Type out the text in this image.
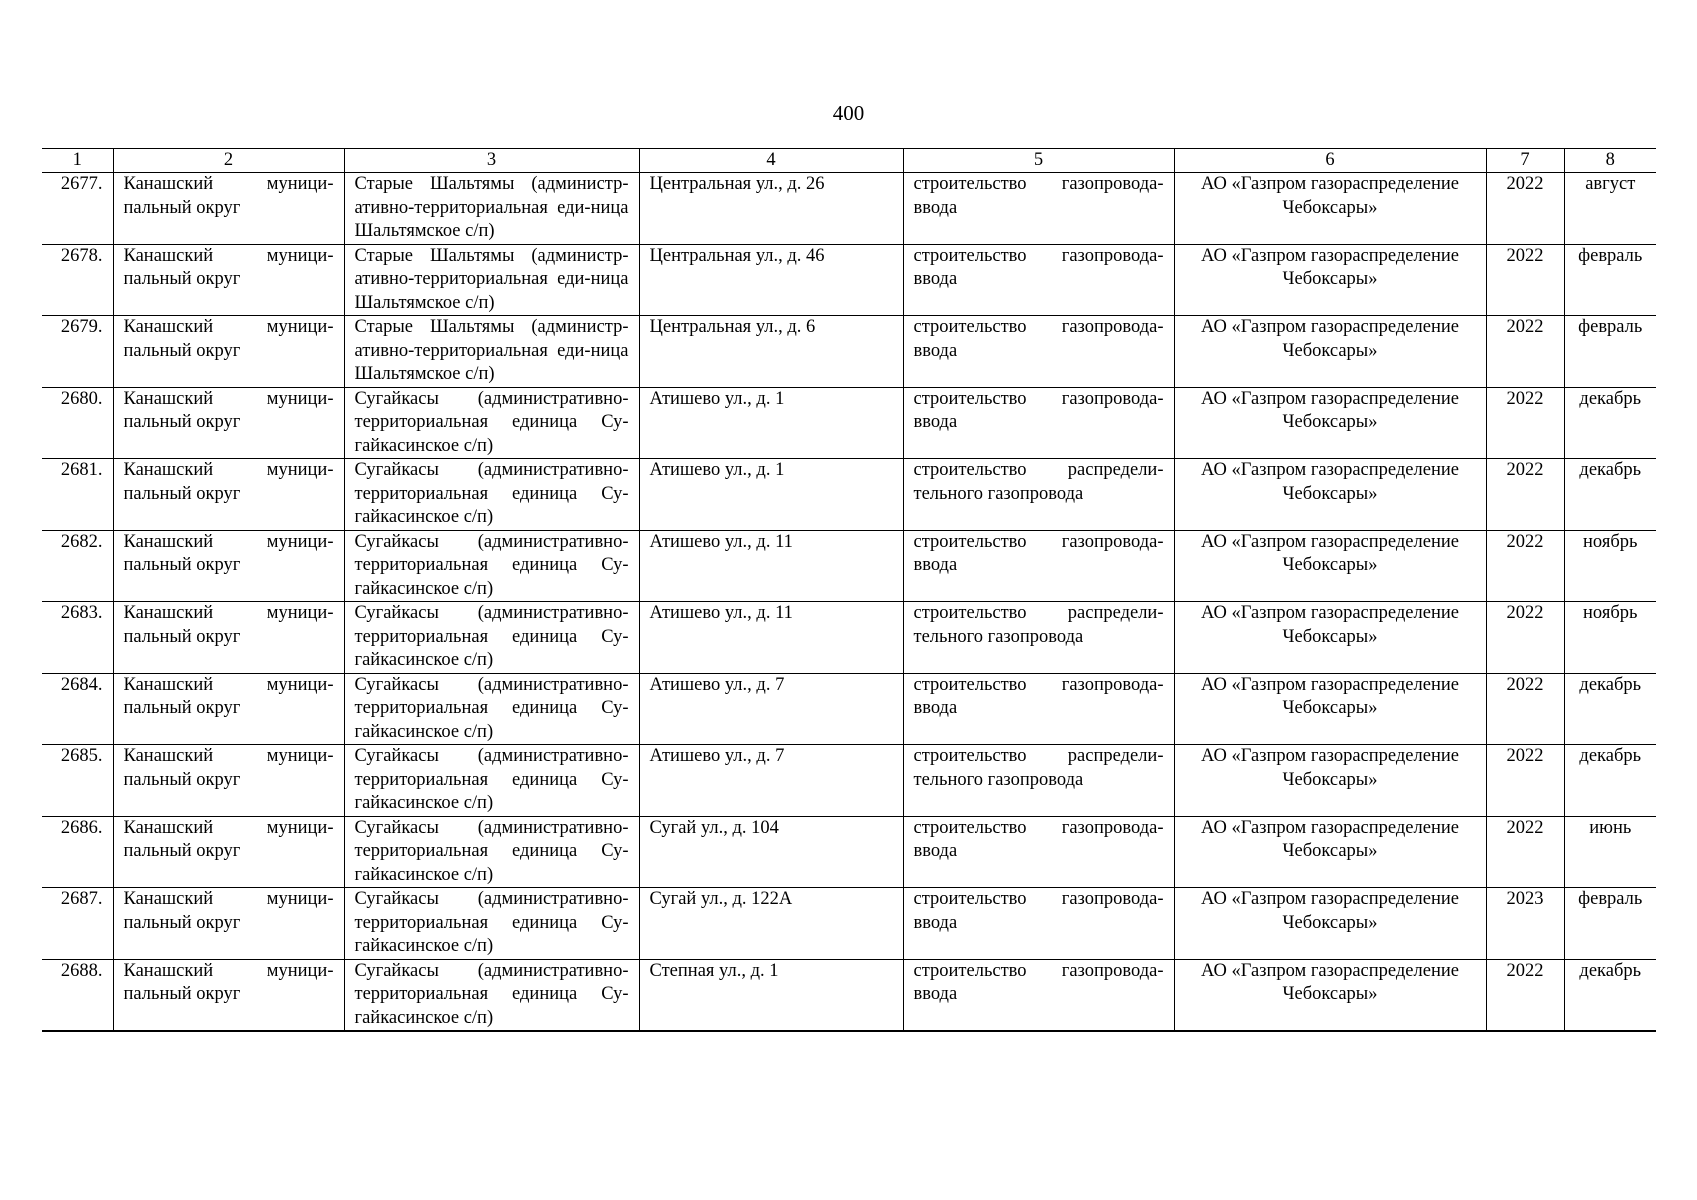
400
1	2	3	4	5	6	7	8
2677.	Канашский муници-пальный округ	Старые Шальтямы (администр-ативно-территориальная еди-ница Шальтямское с/п)	Центральная ул., д. 26	строительство газопровода-ввода	АО «Газпром газораспределение Чебоксары»	2022	август
2678.	Канашский муници-пальный округ	Старые Шальтямы (администр-ативно-территориальная еди-ница Шальтямское с/п)	Центральная ул., д. 46	строительство газопровода-ввода	АО «Газпром газораспределение Чебоксары»	2022	февраль
2679.	Канашский муници-пальный округ	Старые Шальтямы (администр-ативно-территориальная еди-ница Шальтямское с/п)	Центральная ул., д. 6	строительство газопровода-ввода	АО «Газпром газораспределение Чебоксары»	2022	февраль
2680.	Канашский муници-пальный округ	Сугайкасы (административно-территориальная единица Су-гайкасинское с/п)	Атишево ул., д. 1	строительство газопровода-ввода	АО «Газпром газораспределение Чебоксары»	2022	декабрь
2681.	Канашский муници-пальный округ	Сугайкасы (административно-территориальная единица Су-гайкасинское с/п)	Атишево ул., д. 1	строительство распредели-тельного газопровода	АО «Газпром газораспределение Чебоксары»	2022	декабрь
2682.	Канашский муници-пальный округ	Сугайкасы (административно-территориальная единица Су-гайкасинское с/п)	Атишево ул., д. 11	строительство газопровода-ввода	АО «Газпром газораспределение Чебоксары»	2022	ноябрь
2683.	Канашский муници-пальный округ	Сугайкасы (административно-территориальная единица Су-гайкасинское с/п)	Атишево ул., д. 11	строительство распредели-тельного газопровода	АО «Газпром газораспределение Чебоксары»	2022	ноябрь
2684.	Канашский муници-пальный округ	Сугайкасы (административно-территориальная единица Су-гайкасинское с/п)	Атишево ул., д. 7	строительство газопровода-ввода	АО «Газпром газораспределение Чебоксары»	2022	декабрь
2685.	Канашский муници-пальный округ	Сугайкасы (административно-территориальная единица Су-гайкасинское с/п)	Атишево ул., д. 7	строительство распредели-тельного газопровода	АО «Газпром газораспределение Чебоксары»	2022	декабрь
2686.	Канашский муници-пальный округ	Сугайкасы (административно-территориальная единица Су-гайкасинское с/п)	Сугай ул., д. 104	строительство газопровода-ввода	АО «Газпром газораспределение Чебоксары»	2022	июнь
2687.	Канашский муници-пальный округ	Сугайкасы (административно-территориальная единица Су-гайкасинское с/п)	Сугай ул., д. 122А	строительство газопровода-ввода	АО «Газпром газораспределение Чебоксары»	2023	февраль
2688.	Канашский муници-пальный округ	Сугайкасы (административно-территориальная единица Су-гайкасинское с/п)	Степная ул., д. 1	строительство газопровода-ввода	АО «Газпром газораспределение Чебоксары»	2022	декабрь
